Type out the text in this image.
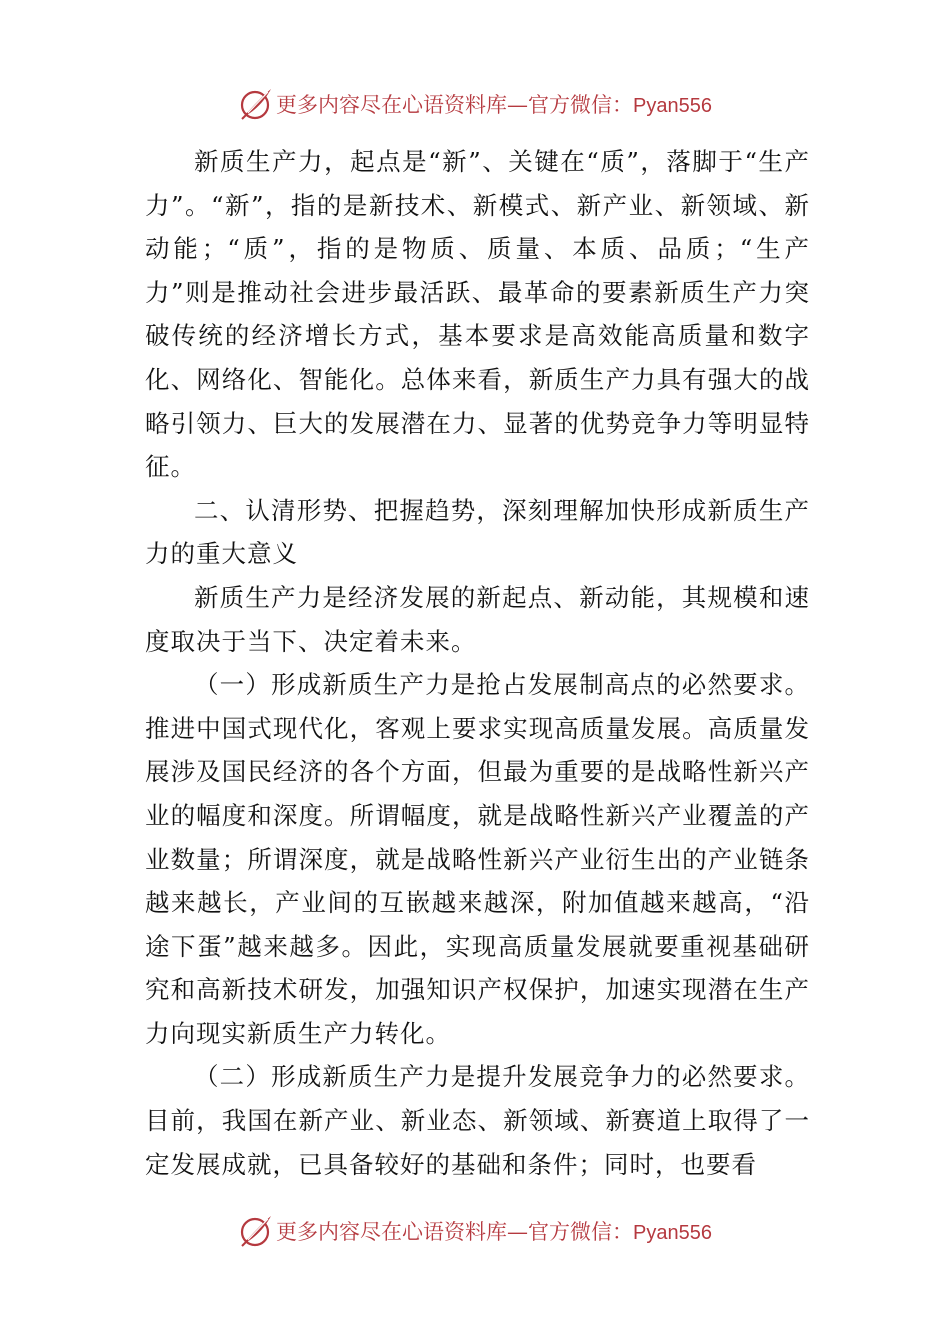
更多内容尽在心语资料库—官方微信：Pyan556

新质生产力，起点是“新”、关键在“质”，落脚于“生产力”。“新”，指的是新技术、新模式、新产业、新领域、新动能；“质”，指的是物质、质量、本质、品质；“生产力”则是推动社会进步最活跃、最革命的要素新质生产力突破传统的经济增长方式，基本要求是高效能高质量和数字化、网络化、智能化。总体来看，新质生产力具有强大的战略引领力、巨大的发展潜在力、显著的优势竞争力等明显特征。

二、认清形势、把握趋势，深刻理解加快形成新质生产力的重大意义

新质生产力是经济发展的新起点、新动能，其规模和速度取决于当下、决定着未来。

（一）形成新质生产力是抢占发展制高点的必然要求。推进中国式现代化，客观上要求实现高质量发展。高质量发展涉及国民经济的各个方面，但最为重要的是战略性新兴产业的幅度和深度。所谓幅度，就是战略性新兴产业覆盖的产业数量；所谓深度，就是战略性新兴产业衍生出的产业链条越来越长，产业间的互嵌越来越深，附加值越来越高，“沿途下蛋”越来越多。因此，实现高质量发展就要重视基础研究和高新技术研发，加强知识产权保护，加速实现潜在生产力向现实新质生产力转化。

（二）形成新质生产力是提升发展竞争力的必然要求。目前，我国在新产业、新业态、新领域、新赛道上取得了一定发展成就，已具备较好的基础和条件；同时，也要看

更多内容尽在心语资料库—官方微信：Pyan556
